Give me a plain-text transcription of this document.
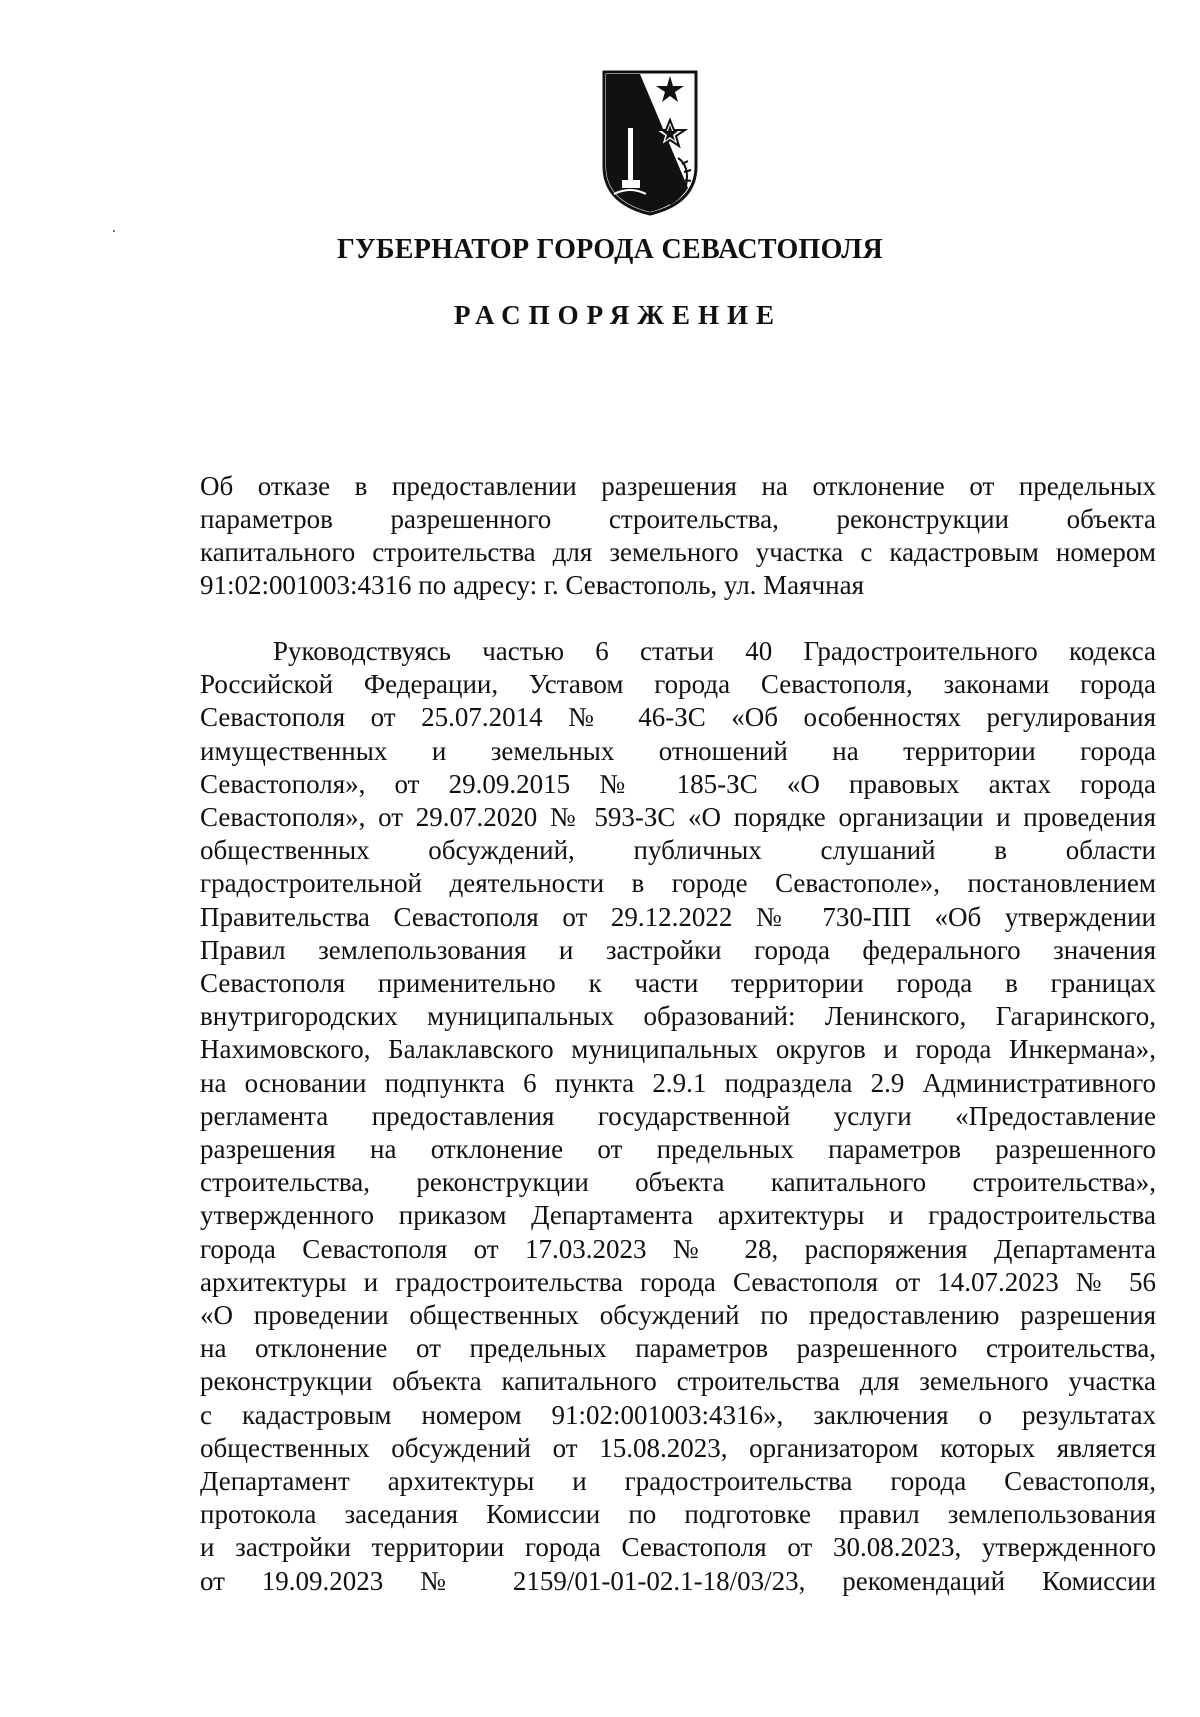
ГУБЕРНАТОР ГОРОДА СЕВАСТОПОЛЯ
РАСПОРЯЖЕНИЕ
Об отказе в предоставлении разрешения на отклонение от предельных
параметров разрешенного строительства, реконструкции объекта
капитального строительства для земельного участка с кадастровым номером
91:02:001003:4316 по адресу: г. Севастополь, ул. Маячная
Руководствуясь частью 6 статьи 40 Градостроительного кодекса
Российской Федерации, Уставом города Севастополя, законами города
Севастополя от 25.07.2014 № 46-ЗС «Об особенностях регулирования
имущественных и земельных отношений на территории города
Севастополя», от 29.09.2015 № 185-ЗС «О правовых актах города
Севастополя», от 29.07.2020 № 593-ЗС «О порядке организации и проведения
общественных обсуждений, публичных слушаний в области
градостроительной деятельности в городе Севастополе», постановлением
Правительства Севастополя от 29.12.2022 № 730-ПП «Об утверждении
Правил землепользования и застройки города федерального значения
Севастополя применительно к части территории города в границах
внутригородских муниципальных образований: Ленинского, Гагаринского,
Нахимовского, Балаклавского муниципальных округов и города Инкермана»,
на основании подпункта 6 пункта 2.9.1 подраздела 2.9 Административного
регламента предоставления государственной услуги «Предоставление
разрешения на отклонение от предельных параметров разрешенного
строительства, реконструкции объекта капитального строительства»,
утвержденного приказом Департамента архитектуры и градостроительства
города Севастополя от 17.03.2023 № 28, распоряжения Департамента
архитектуры и градостроительства города Севастополя от 14.07.2023 № 56
«О проведении общественных обсуждений по предоставлению разрешения
на отклонение от предельных параметров разрешенного строительства,
реконструкции объекта капитального строительства для земельного участка
с кадастровым номером 91:02:001003:4316», заключения о результатах
общественных обсуждений от 15.08.2023, организатором которых является
Департамент архитектуры и градостроительства города Севастополя,
протокола заседания Комиссии по подготовке правил землепользования
и застройки территории города Севастополя от 30.08.2023, утвержденного
от 19.09.2023 № 2159/01-01-02.1-18/03/23, рекомендаций Комиссии
